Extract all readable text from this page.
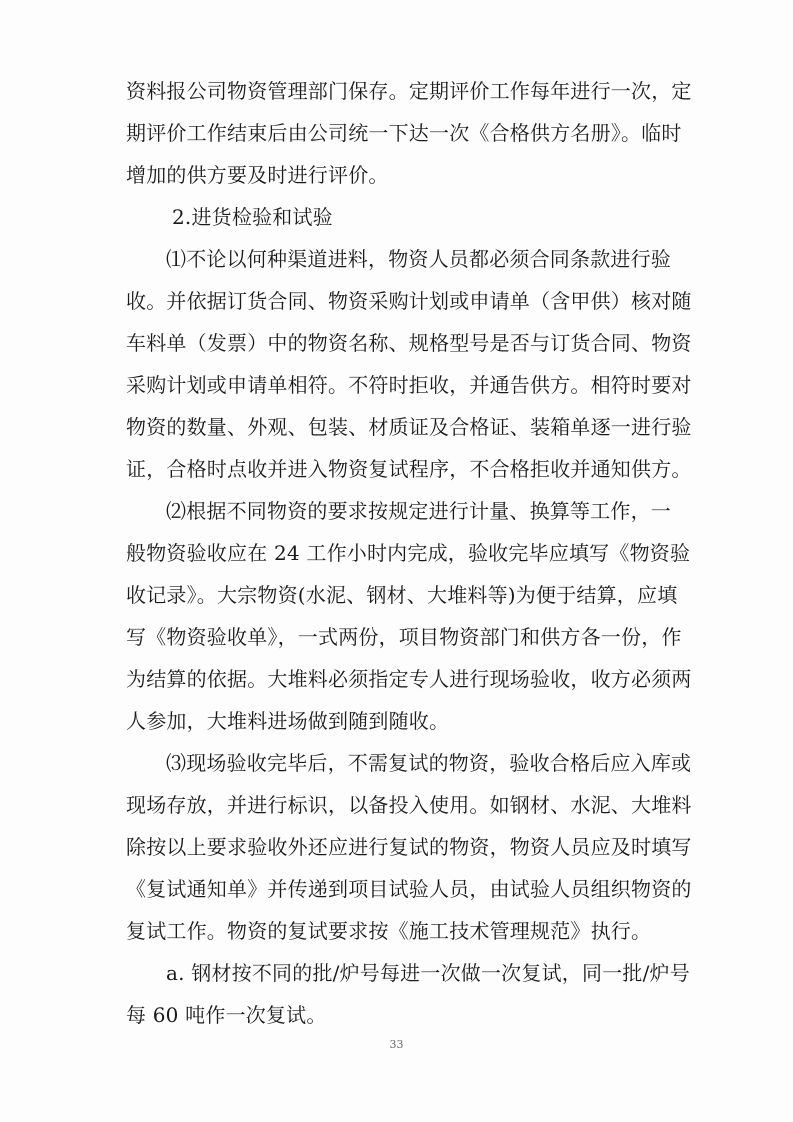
资料报公司物资管理部门保存。定期评价工作每年进行一次，定
期评价工作结束后由公司统一下达一次《合格供方名册》。临时
增加的供方要及时进行评价。
2.进货检验和试验
⑴不论以何种渠道进料，物资人员都必须合同条款进行验
收。并依据订货合同、物资采购计划或申请单（含甲供）核对随
车料单（发票）中的物资名称、规格型号是否与订货合同、物资
采购计划或申请单相符。不符时拒收，并通告供方。相符时要对
物资的数量、外观、包装、材质证及合格证、装箱单逐一进行验
证，合格时点收并进入物资复试程序，不合格拒收并通知供方。
⑵根据不同物资的要求按规定进行计量、换算等工作，一
般物资验收应在 24 工作小时内完成，验收完毕应填写《物资验
收记录》。大宗物资(水泥、钢材、大堆料等)为便于结算，应填
写《物资验收单》，一式两份，项目物资部门和供方各一份，作
为结算的依据。大堆料必须指定专人进行现场验收，收方必须两
人参加，大堆料进场做到随到随收。
⑶现场验收完毕后，不需复试的物资，验收合格后应入库或
现场存放，并进行标识，以备投入使用。如钢材、水泥、大堆料
除按以上要求验收外还应进行复试的物资，物资人员应及时填写
《复试通知单》并传递到项目试验人员，由试验人员组织物资的
复试工作。物资的复试要求按《施工技术管理规范》执行。
a. 钢材按不同的批/炉号每进一次做一次复试，同一批/炉号
每 60 吨作一次复试。
33
